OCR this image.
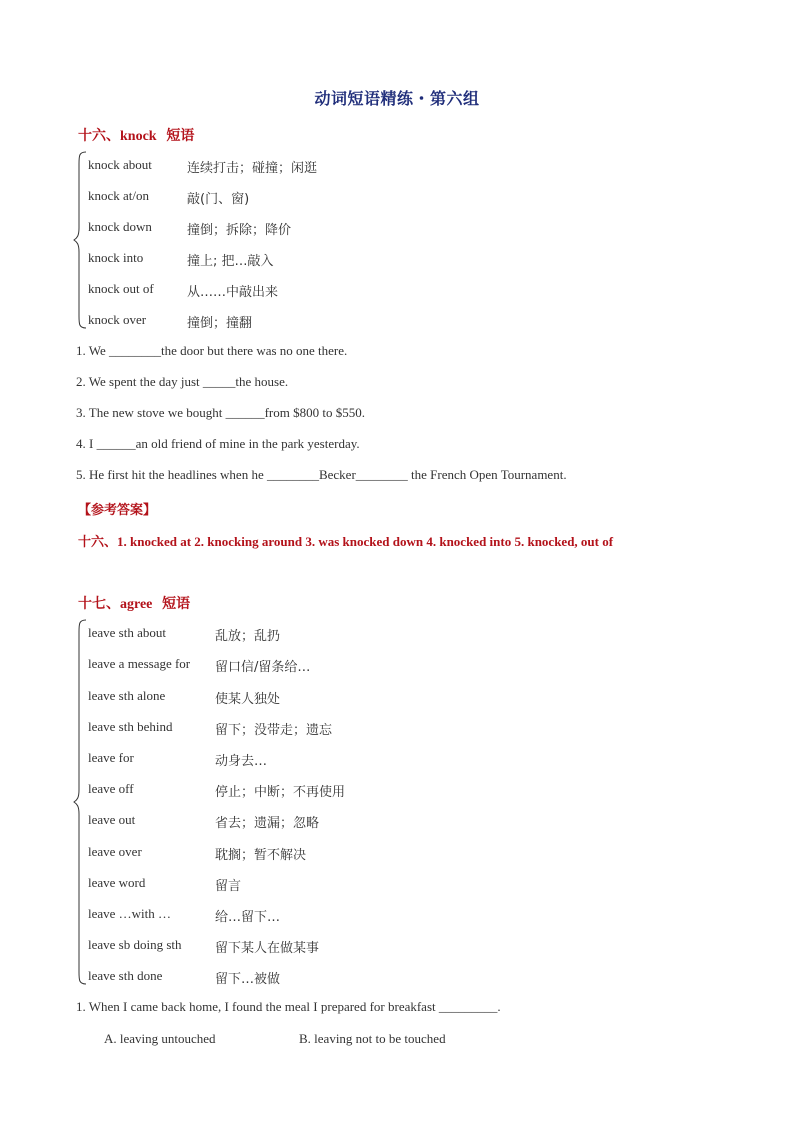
动词短语精练・第六组
十六、knock 短语
knock about	连续打击；碰撞；闲逛
knock at/on	敲(门、窗)
knock down	撞倒；拆除；降价
knock into	撞上; 把…敲入
knock out of	从……中敲出来
knock over	撞倒；撞翻
1. We ________the door but there was no one there.
2. We spent the day just _____the house.
3. The new stove we bought ______from $800 to $550.
4. I ______an old friend of mine in the park yesterday.
5. He first hit the headlines when he ________Becker________ the French Open Tournament.
【参考答案】
十六、1. knocked at 2. knocking around 3. was knocked down 4. knocked into 5. knocked, out of
十七、agree 短语
leave sth about	乱放；乱扔
leave a message for 留口信/留条给…
leave sth alone	使某人独处
leave sth behind	留下；没带走；遗忘
leave for	动身去…
leave off	停止；中断；不再使用
leave out	省去；遗漏；忽略
leave over	耽搁；暂不解决
leave word	留言
leave …with …	给…留下…
leave sb doing sth	留下某人在做某事
leave sth done	留下…被做
1. When I came back home, I found the meal I prepared for breakfast _________.
A. leaving untouched	B. leaving not to be touched
